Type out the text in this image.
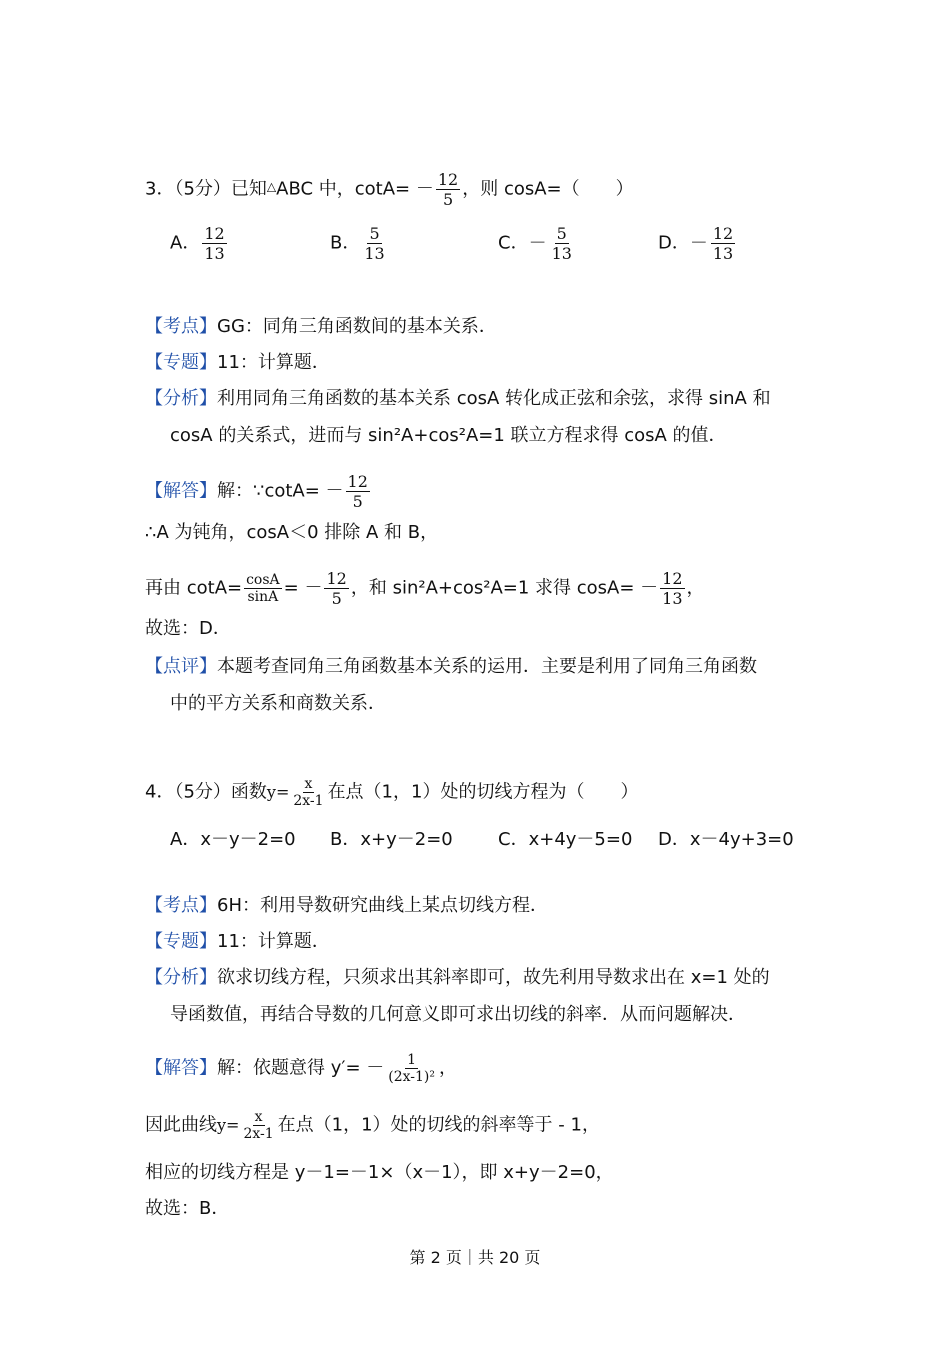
3．（5分）已知△ABC 中，$\cot A= - \frac{12}{5}$ ，则 cosA=（　　）
A． $\frac{12}{13}$	B． $\frac{5}{13}$	C．－ $\frac{5}{13}$	D．－ $\frac{12}{13}$
【考点】GG：同角三角函数间的基本关系．
【专题】11：计算题．
【分析】利用同角三角函数的基本关系 cosA 转化成正弦和余弦，求得 sinA 和
cosA 的关系式，进而与 sin²A+cos²A=1 联立方程求得 cosA 的值．
【解答】解：∵cotA= － $\frac{12}{5}$
∴A 为钝角，cosA＜0 排除 A 和 B，
再由 $\cot A= \frac{\cos A}{\sin A}$ = － $\frac{12}{5}$ ，和 sin²A+cos²A=1 求得 $\cos A= - \frac{12}{13}$ ，
故选：D．
【点评】本题考查同角三角函数基本关系的运用．主要是利用了同角三角函数
中的平方关系和商数关系．
4．（5分）函数$y= \frac{x}{2x-1}$ 在点（1，1）处的切线方程为（　　）
A．x－y－2=0 B．x+y－2=0	C．x+4y－5=0 D．x－4y+3=0
【考点】6H：利用导数研究曲线上某点切线方程．
【专题】11：计算题．
【分析】欲求切线方程，只须求出其斜率即可，故先利用导数求出在 x=1 处的
导函数值，再结合导数的几何意义即可求出切线的斜率．从而问题解决．
【解答】解：依题意得 $y'= - \frac{1}{\text{(2x-1)²}}$ ，
因此曲线$y= \frac{x}{2x-1}$ 在点（1，1）处的切线的斜率等于 - 1，
相应的切线方程是 y－1=－1×（x－1），即 x+y－2=0，
故选：B．
第 2 页｜共 20 页
